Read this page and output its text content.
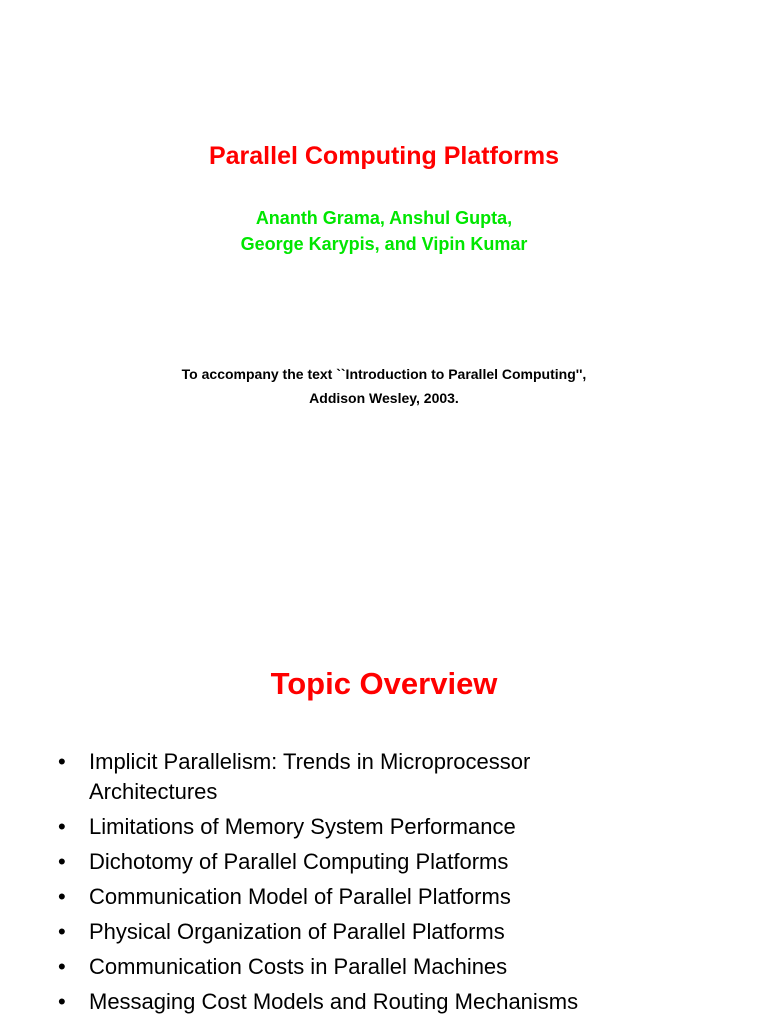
Parallel Computing Platforms
Ananth Grama, Anshul Gupta,
George Karypis, and Vipin Kumar
To accompany the text ``Introduction to Parallel Computing'',
Addison Wesley, 2003.
Topic Overview
• Implicit Parallelism: Trends in Microprocessor
Architectures
• Limitations of Memory System Performance
• Dichotomy of Parallel Computing Platforms
• Communication Model of Parallel Platforms
• Physical Organization of Parallel Platforms
• Communication Costs in Parallel Machines
• Messaging Cost Models and Routing Mechanisms
